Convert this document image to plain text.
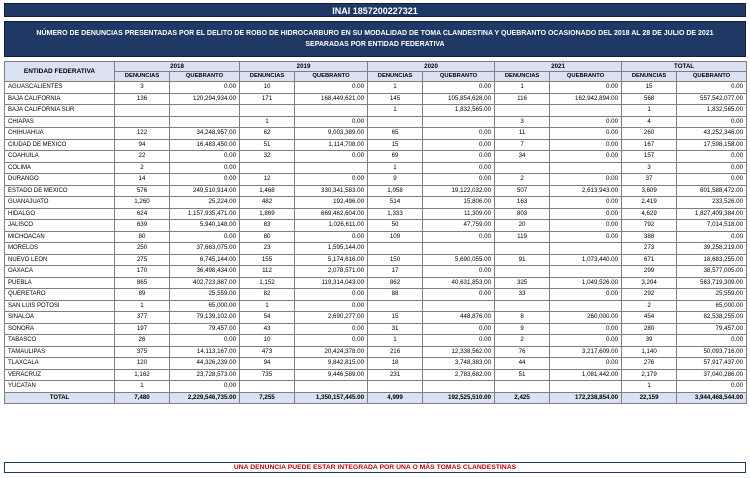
INAI 1857200227321
NÚMERO DE DENUNCIAS PRESENTADAS POR EL DELITO DE ROBO DE HIDROCARBURO EN SU MODALIDAD DE TOMA CLANDESTINA Y QUEBRANTO OCASIONADO DEL 2018 AL 28 DE JULIO DE 2021 SEPARADAS POR ENTIDAD FEDERATIVA
ENTIDAD FEDERATIVA	2018		2019		2020		2021		TOTAL	
	DENUNCIAS	QUEBRANTO	DENUNCIAS	QUEBRANTO	DENUNCIAS	QUEBRANTO	DENUNCIAS	QUEBRANTO	DENUNCIAS	QUEBRANTO
AGUASCALIENTES	3	0.00	10	0.00	1	0.00	1	0.00	15	0.00
BAJA CALIFORNIA	136	120,294,934.00	171	168,449,621.00	145	105,854,628.00	116	162,942,894.00	568	557,542,077.00
BAJA CALIFORNIA SUR					1	1,832,565.00			1	1,832,565.00
CHIAPAS			1	0.00			3	0.00	4	0.00
CHIHUAHUA	122	34,248,957.00	62	9,003,389.00	65	0.00	11	0.00	260	43,252,346.00
CIUDAD DE MEXICO	94	16,483,450.00	51	1,114,708.00	15	0.00	7	0.00	167	17,598,158.00
COAHUILA	22	0.00	32	0.00	69	0.00	34	0.00	157	0.00
COLIMA	2	0.00			1	0.00			3	0.00
DURANGO	14	0.00	12	0.00	9	0.00	2	0.00	37	0.00
ESTADO DE MEXICO	576	249,510,914.00	1,468	330,341,583.00	1,058	19,122,032.00	507	2,613,943.00	3,609	601,588,472.00
GUANAJUATO	1,260	25,224.00	482	192,496.00	514	15,806.00	163	0.00	2,419	233,526.00
HIDALGO	624	1,157,935,471.00	1,869	669,462,604.00	1,333	11,309.00	803	0.00	4,629	1,827,409,384.00
JALISCO	639	5,940,148.00	83	1,026,611.00	50	47,759.00	20	0.00	792	7,014,518.00
MICHOACAN	80	0.00	80	0.00	109	0.00	119	0.00	388	0.00
MORELOS	250	37,663,075.00	23	1,595,144.00					273	39,258,219.00
NUEVO LEON	275	6,745,144.00	155	5,174,616.00	150	5,690,055.00	91	1,073,440.00	671	18,683,255.00
OAXACA	170	36,498,434.00	112	2,078,571.00	17	0.00			299	38,577,005.00
PUEBLA	865	402,723,887.00	1,152	119,314,043.00	862	40,631,853.00	325	1,049,526.00	3,204	563,719,309.00
QUERETARO	89	25,559.00	82	0.00	88	0.00	33	0.00	292	25,559.00
SAN LUIS POTOSI	1	65,000.00	1	0.00					2	65,000.00
SINALOA	377	79,139,102.00	54	2,690,277.00	15	448,876.00	8	260,000.00	454	82,538,255.00
SONORA	197	79,457.00	43	0.00	31	0.00	9	0.00	280	79,457.00
TABASCO	26	0.00	10	0.00	1	0.00	2	0.00	39	0.00
TAMAULIPAS	375	14,113,167.00	473	20,424,378.00	216	12,338,562.00	76	3,217,609.00	1,140	50,093,716.00
TLAXCALA	120	44,326,239.00	94	9,842,815.00	18	3,748,383.00	44	0.00	276	57,917,437.00
VERACRUZ	1,162	23,728,573.00	735	9,446,589.00	231	2,783,682.00	51	1,081,442.00	2,179	37,040,286.00
YUCATAN	1	0.00							1	0.00
TOTAL	7,480	2,229,546,735.00	7,255	1,350,157,445.00	4,999	192,525,510.00	2,425	172,238,854.00	22,159	3,944,468,544.00
UNA DENUNCIA PUEDE ESTAR INTEGRADA POR UNA O MÁS TOMAS CLANDESTINAS
